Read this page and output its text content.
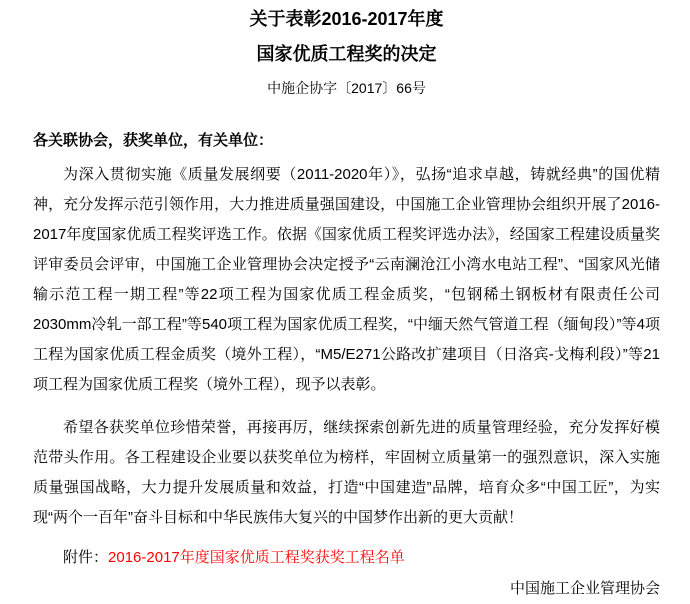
关于表彰2016-2017年度
国家优质工程奖的决定
中施企协字〔2017〕66号
各关联协会，获奖单位，有关单位：

为深入贯彻实施《质量发展纲要（2011-2020年）》，弘扬“追求卓越，铸就经典”的国优精神，充分发挥示范引领作用，大力推进质量强国建设，中国施工企业管理协会组织开展了2016-2017年度国家优质工程奖评选工作。依据《国家优质工程奖评选办法》，经国家工程建设质量奖评审委员会评审，中国施工企业管理协会决定授予“云南澜沧江小湾水电站工程”、“国家风光储输示范工程一期工程”等22项工程为国家优质工程金质奖，“包钢稀土钢板材有限责任公司2030mm冷轧一部工程”等540项工程为国家优质工程奖，“中缅天然气管道工程（缅甸段）”等4项工程为国家优质工程金质奖（境外工程），“M5/E271公路改扩建项目（日洛宾-戈梅利段）”等21项工程为国家优质工程奖（境外工程），现予以表彰。

希望各获奖单位珍惜荣誉，再接再厉，继续探索创新先进的质量管理经验，充分发挥好模范带头作用。各工程建设企业要以获奖单位为榜样，牢固树立质量第一的强烈意识，深入实施质量强国战略，大力提升发展质量和效益，打造“中国建造”品牌，培育众多“中国工匠”，为实现“两个一百年”奋斗目标和中华民族伟大复兴的中国梦作出新的更大贡献！

附件：2016-2017年度国家优质工程奖获奖工程名单
中国施工企业管理协会
